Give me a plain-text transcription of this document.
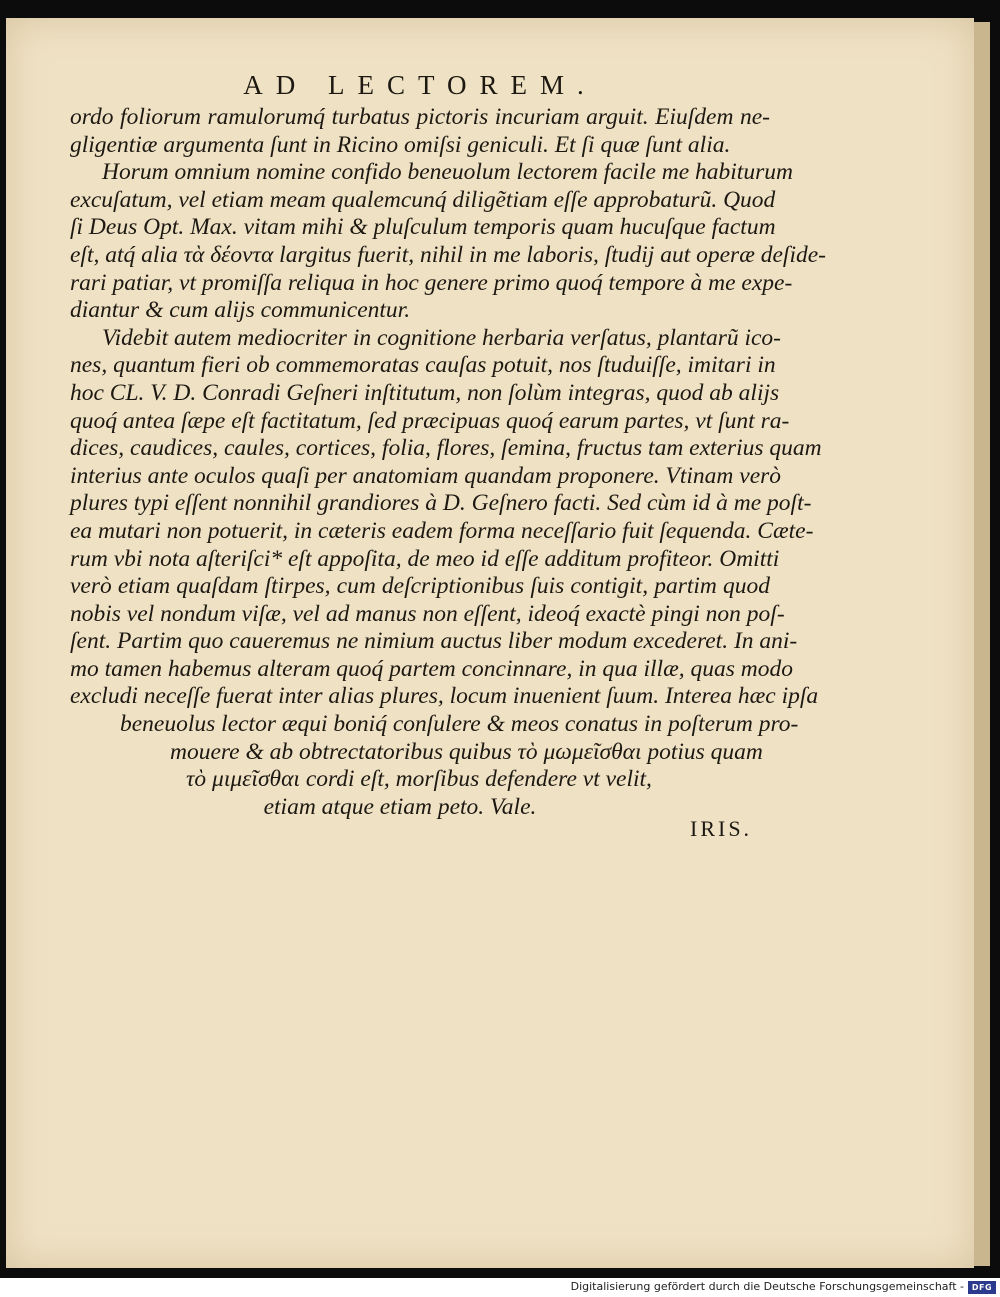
AD LECTOREM.
ordo foliorum ramulorumq́ turbatus pictoris incuriam arguit. Eiuſdem ne-
gligentiæ argumenta ſunt in Ricino omiſsi geniculi. Et ſi quæ ſunt alia.
Horum omnium nomine confido beneuolum lectorem facile me habiturum
excuſatum, vel etiam meam qualemcunq́ diligẽtiam eſſe approbaturũ. Quod
ſi Deus Opt. Max. vitam mihi & pluſculum temporis quam hucuſque factum
eſt, atq́ alia τὰ δέοντα largitus fuerit, nihil in me laboris, ſtudij aut operæ deſide-
rari patiar, vt promiſſa reliqua in hoc genere primo quoq́ tempore à me expe-
diantur & cum alijs communicentur.
Videbit autem mediocriter in cognitione herbaria verſatus, plantarũ ico-
nes, quantum fieri ob commemoratas cauſas potuit, nos ſtuduiſſe, imitari in
hoc CL. V. D. Conradi Geſneri inſtitutum, non ſolùm integras, quod ab alijs
quoq́ antea ſæpe eſt factitatum, ſed præcipuas quoq́ earum partes, vt ſunt ra-
dices, caudices, caules, cortices, folia, flores, ſemina, fructus tam exterius quam
interius ante oculos quaſi per anatomiam quandam proponere. Vtinam verò
plures typi eſſent nonnihil grandiores à D. Geſnero facti. Sed cùm id à me poſt-
ea mutari non potuerit, in cæteris eadem forma neceſſario fuit ſequenda. Cæte-
rum vbi nota aſteriſci* eſt appoſita, de meo id eſſe additum profiteor. Omitti
verò etiam quaſdam ſtirpes, cum deſcriptionibus ſuis contigit, partim quod
nobis vel nondum viſæ, vel ad manus non eſſent, ideoq́ exactè pingi non poſ-
ſent. Partim quo caueremus ne nimium auctus liber modum excederet. In ani-
mo tamen habemus alteram quoq́ partem concinnare, in qua illæ, quas modo
excludi neceſſe fuerat inter alias plures, locum inuenient ſuum. Interea hæc ipſa
beneuolus lector æqui boniq́ conſulere & meos conatus in poſterum pro-
mouere & ab obtrectatoribus quibus τὸ μωμεῖσθαι potius quam
τὸ μιμεῖσθαι cordi eſt, morſibus defendere vt velit,
etiam atque etiam peto. Vale.
IRIS.
Digitalisierung gefördert durch die Deutsche Forschungsgemeinschaft - DFG
